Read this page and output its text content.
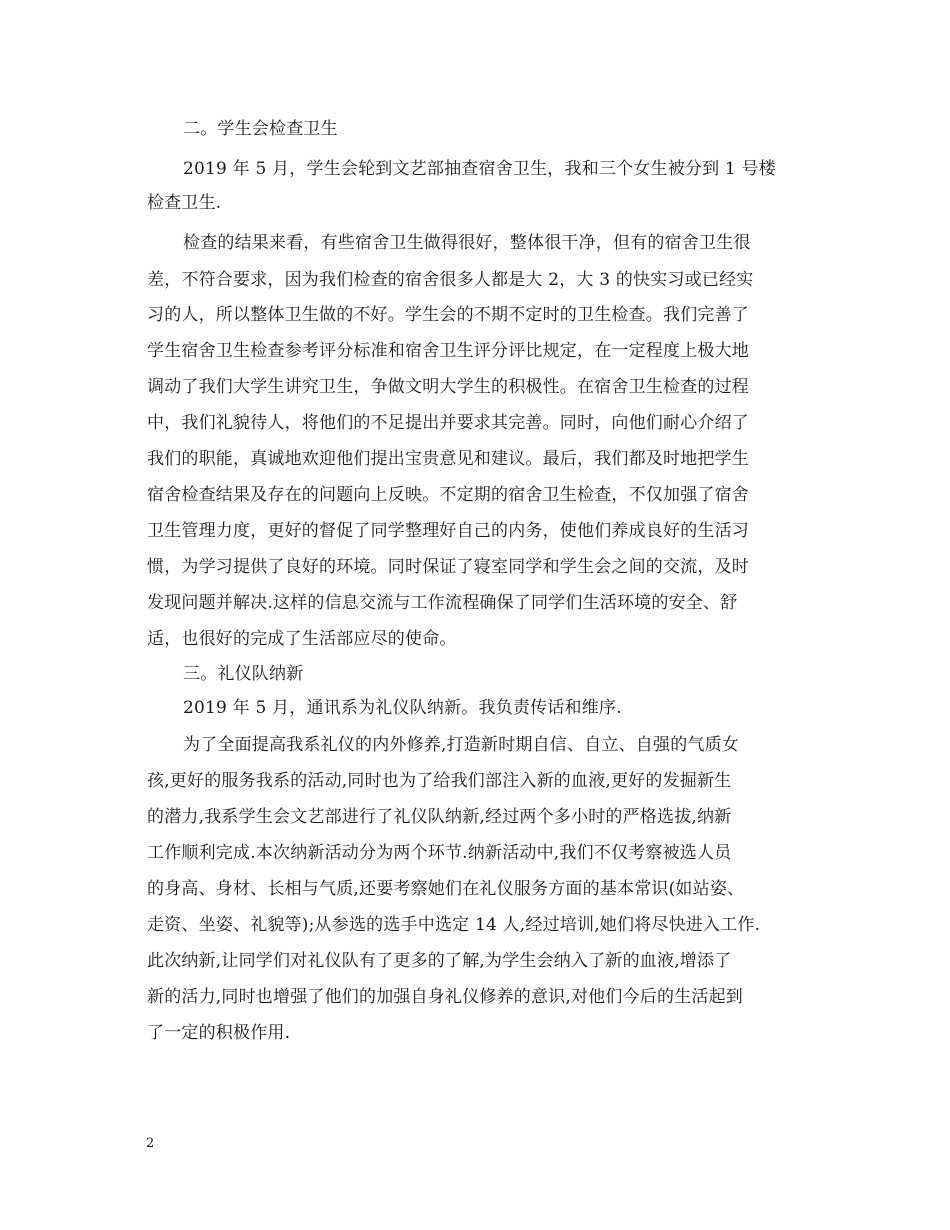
二。学生会检查卫生
2019 年 5 月，学生会轮到文艺部抽查宿舍卫生，我和三个女生被分到 1 号楼
检查卫生.
检查的结果来看，有些宿舍卫生做得很好，整体很干净，但有的宿舍卫生很
差，不符合要求，因为我们检查的宿舍很多人都是大 2，大 3 的快实习或已经实
习的人，所以整体卫生做的不好。学生会的不期不定时的卫生检查。我们完善了
学生宿舍卫生检查参考评分标准和宿舍卫生评分评比规定，在一定程度上极大地
调动了我们大学生讲究卫生，争做文明大学生的积极性。在宿舍卫生检查的过程
中，我们礼貌待人，将他们的不足提出并要求其完善。同时，向他们耐心介绍了
我们的职能，真诚地欢迎他们提出宝贵意见和建议。最后，我们都及时地把学生
宿舍检查结果及存在的问题向上反映。不定期的宿舍卫生检查，不仅加强了宿舍
卫生管理力度，更好的督促了同学整理好自己的内务，使他们养成良好的生活习
惯，为学习提供了良好的环境。同时保证了寝室同学和学生会之间的交流，及时
发现问题并解决.这样的信息交流与工作流程确保了同学们生活环境的安全、舒
适，也很好的完成了生活部应尽的使命。
三。礼仪队纳新
2019 年 5 月，通讯系为礼仪队纳新。我负责传话和维序.
为了全面提高我系礼仪的内外修养,打造新时期自信、自立、自强的气质女
孩,更好的服务我系的活动,同时也为了给我们部注入新的血液,更好的发掘新生
的潜力,我系学生会文艺部进行了礼仪队纳新,经过两个多小时的严格选拔,纳新
工作顺利完成.本次纳新活动分为两个环节.纳新活动中,我们不仅考察被选人员
的身高、身材、长相与气质,还要考察她们在礼仪服务方面的基本常识(如站姿、
走资、坐姿、礼貌等);从参选的选手中选定 14 人,经过培训,她们将尽快进入工作.
此次纳新,让同学们对礼仪队有了更多的了解,为学生会纳入了新的血液,增添了
新的活力,同时也增强了他们的加强自身礼仪修养的意识,对他们今后的生活起到
了一定的积极作用.
2
